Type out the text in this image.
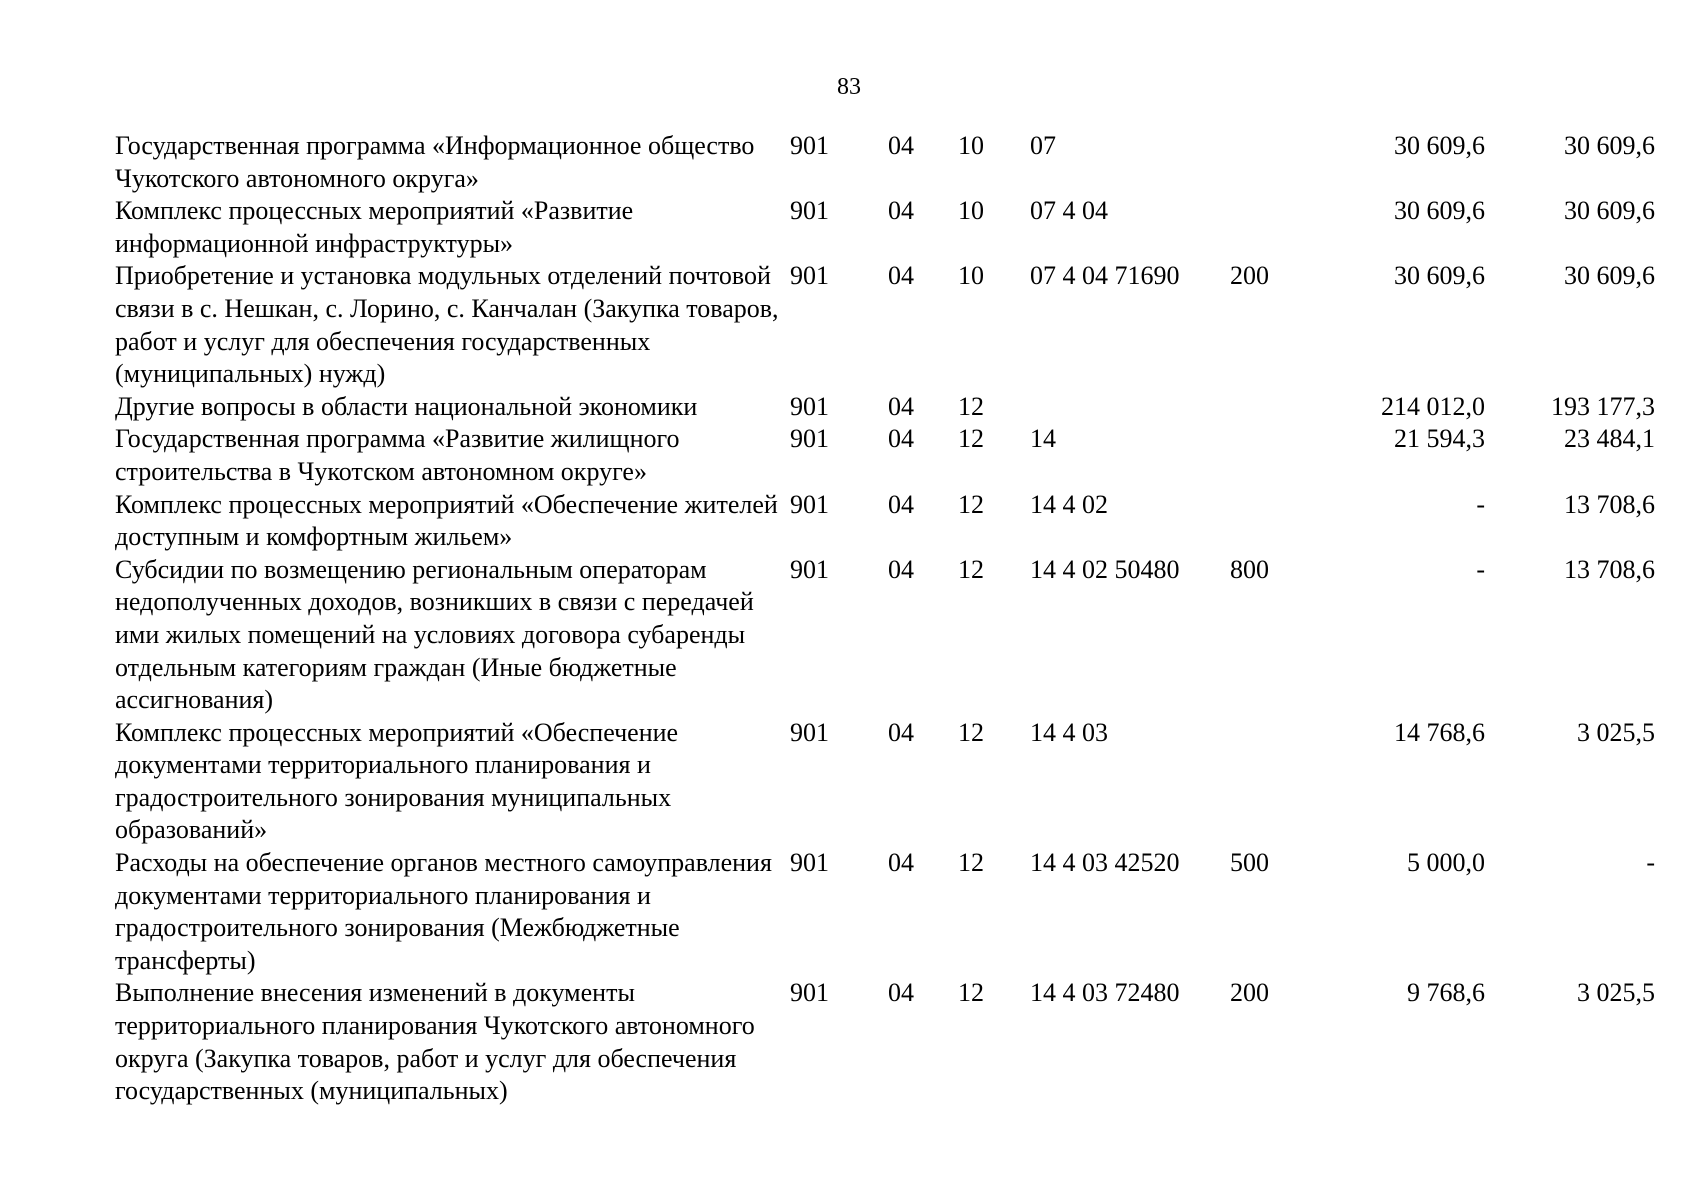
83
Государственная программа «Информационное общество Чукотского автономного округа»	901	04	10	07		30 609,6	30 609,6
Комплекс процессных мероприятий «Развитие информационной инфраструктуры»	901	04	10	07 4 04		30 609,6	30 609,6
Приобретение и установка модульных отделений почтовой связи в с. Нешкан, с. Лорино, с. Канчалан (Закупка товаров, работ и услуг для обеспечения государственных (муниципальных) нужд)	901	04	10	07 4 04 71690	200	30 609,6	30 609,6
Другие вопросы в области национальной экономики	901	04	12			214 012,0	193 177,3
Государственная программа «Развитие жилищного строительства в Чукотском автономном округе»	901	04	12	14		21 594,3	23 484,1
Комплекс процессных мероприятий «Обеспечение жителей доступным и комфортным жильем»	901	04	12	14 4 02		-	13 708,6
Субсидии по возмещению региональным операторам недополученных доходов, возникших в связи с передачей ими жилых помещений на условиях договора субаренды отдельным категориям граждан (Иные бюджетные ассигнования)	901	04	12	14 4 02 50480	800	-	13 708,6
Комплекс процессных мероприятий «Обеспечение документами территориального планирования и градостроительного зонирования муниципальных образований»	901	04	12	14 4 03		14 768,6	3 025,5
Расходы на обеспечение органов местного самоуправления документами территориального планирования и градостроительного зонирования (Межбюджетные трансферты)	901	04	12	14 4 03 42520	500	5 000,0	-
Выполнение внесения изменений в документы территориального планирования Чукотского автономного округа (Закупка товаров, работ и услуг для обеспечения государственных (муниципальных)	901	04	12	14 4 03 72480	200	9 768,6	3 025,5
